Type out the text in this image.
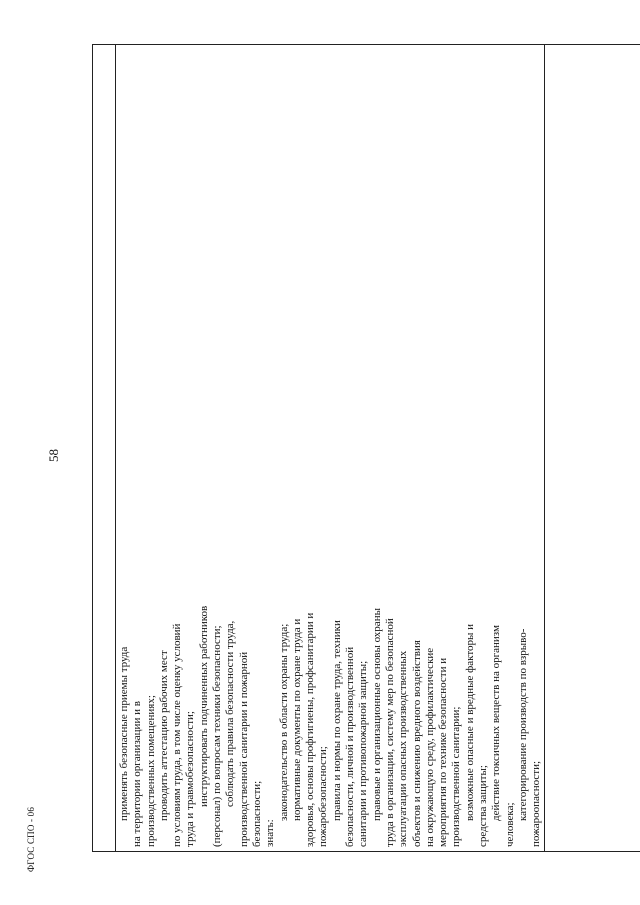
58
ФГОС СПО - 06

применять безопасные приемы труда на территории организации и в производственных помещениях; проводить аттестацию рабочих мест по условиям труда, в том числе оценку условий труда и травмобезопасности; инструктировать подчиненных работников (персонал) по вопросам техники безопасности; соблюдать правила безопасности труда, производственной санитарии и пожарной безопасности; знать:
законодательство в области охраны труда; нормативные документы по охране труда и здоровья, основы профгигиены, профсанитарии и пожаробезопасности; правила и нормы по охране труда, техники безопасности, личной и производственной санитарии и противопожарной защиты; правовые и организационные основы охраны труда в организации, систему мер по безопасной эксплуатации опасных производственных объектов и снижению вредного воздействия на окружающую среду, профилактические мероприятия по технике безопасности и производственной санитарии; возможные опасные и вредные факторы и средства защиты; действие токсичных веществ на организм
человека;
категорирование производств по взрыво- пожароопасности;
